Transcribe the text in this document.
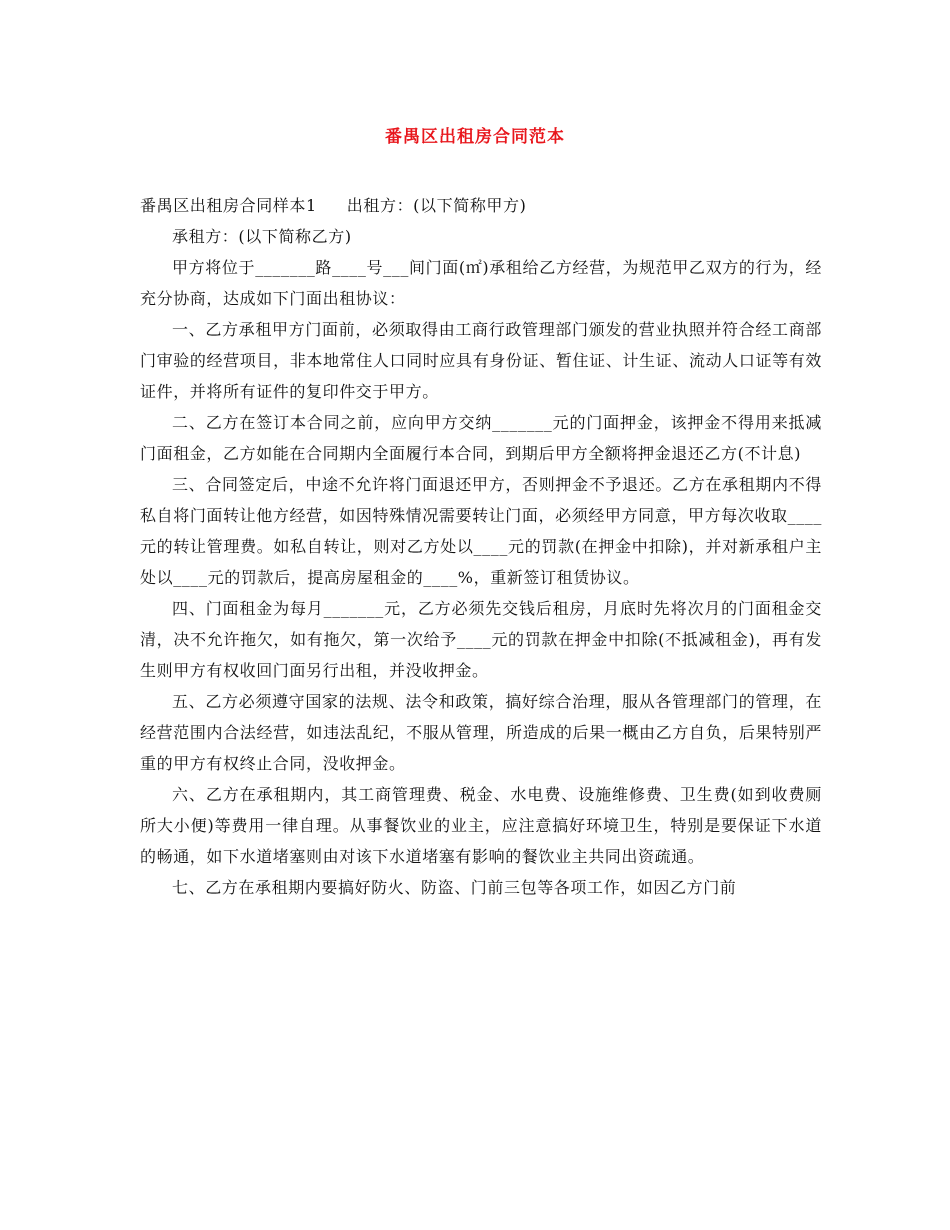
番禺区出租房合同范本

番禺区出租房合同样本1 出租方：(以下简称甲方)

承租方：(以下简称乙方)

甲方将位于_______路____号___间门面(㎡)承租给乙方经营，为规范甲乙双方的行为，经充分协商，达成如下门面出租协议：

一、乙方承租甲方门面前，必须取得由工商行政管理部门颁发的营业执照并符合经工商部门审验的经营项目，非本地常住人口同时应具有身份证、暂住证、计生证、流动人口证等有效证件，并将所有证件的复印件交于甲方。

二、乙方在签订本合同之前，应向甲方交纳_______元的门面押金，该押金不得用来抵减门面租金，乙方如能在合同期内全面履行本合同，到期后甲方全额将押金退还乙方(不计息)

三、合同签定后，中途不允许将门面退还甲方，否则押金不予退还。乙方在承租期内不得私自将门面转让他方经营，如因特殊情况需要转让门面，必须经甲方同意，甲方每次收取____元的转让管理费。如私自转让，则对乙方处以____元的罚款(在押金中扣除)，并对新承租户主处以____元的罚款后，提高房屋租金的____%，重新签订租赁协议。

四、门面租金为每月_______元，乙方必须先交钱后租房，月底时先将次月的门面租金交清，决不允许拖欠，如有拖欠，第一次给予____元的罚款在押金中扣除(不抵减租金)，再有发生则甲方有权收回门面另行出租，并没收押金。

五、乙方必须遵守国家的法规、法令和政策，搞好综合治理，服从各管理部门的管理，在经营范围内合法经营，如违法乱纪，不服从管理，所造成的后果一概由乙方自负，后果特别严重的甲方有权终止合同，没收押金。

六、乙方在承租期内，其工商管理费、税金、水电费、设施维修费、卫生费(如到收费厕所大小便)等费用一律自理。从事餐饮业的业主，应注意搞好环境卫生，特别是要保证下水道的畅通，如下水道堵塞则由对该下水道堵塞有影响的餐饮业主共同出资疏通。

七、乙方在承租期内要搞好防火、防盗、门前三包等各项工作，如因乙方门前
